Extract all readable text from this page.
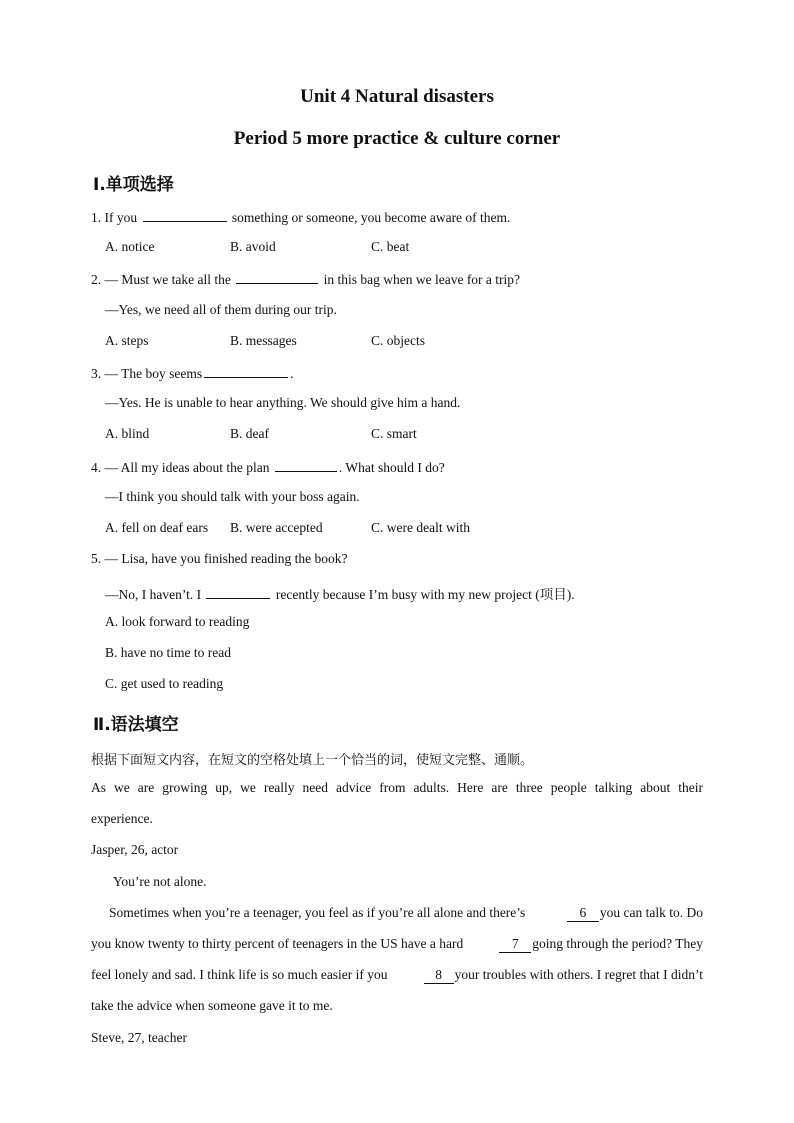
Unit 4 Natural disasters
Period 5 more practice & culture corner
Ⅰ.单项选择
1. If you	something or someone, you become aware of them.
A. notice	B. avoid	C. beat
2. — Must we take all the	in this bag when we leave for a trip?
—Yes, we need all of them during our trip.
A. steps	B. messages	C. objects
3. — The boy seems	.
—Yes. He is unable to hear anything. We should give him a hand.
A. blind	B. deaf	C. smart
4. — All my ideas about the plan	. What should I do?
—I think you should talk with your boss again.
A. fell on deaf ears B. were accepted	C. were dealt with
5. — Lisa, have you finished reading the book?
—No, I haven’t. I	recently because I’m busy with my new project (项目).
A. look forward to reading
B. have no time to read
C. get used to reading
Ⅱ.语法填空
根据下面短文内容，在短文的空格处填上一个恰当的词，使短文完整、通顺。
As we are growing up, we really need advice from adults. Here are three people talking about their
experience.
Jasper, 26, actor
You’re not alone.
Sometimes when you’re a teenager, you feel as if you’re all alone and there’s	6 you can talk to. Do
you know twenty to thirty percent of teenagers in the US have a hard	7 going through the period? They
feel lonely and sad. I think life is so much easier if you	8 your troubles with others. I regret that I didn’t
take the advice when someone gave it to me.
Steve, 27, teacher
